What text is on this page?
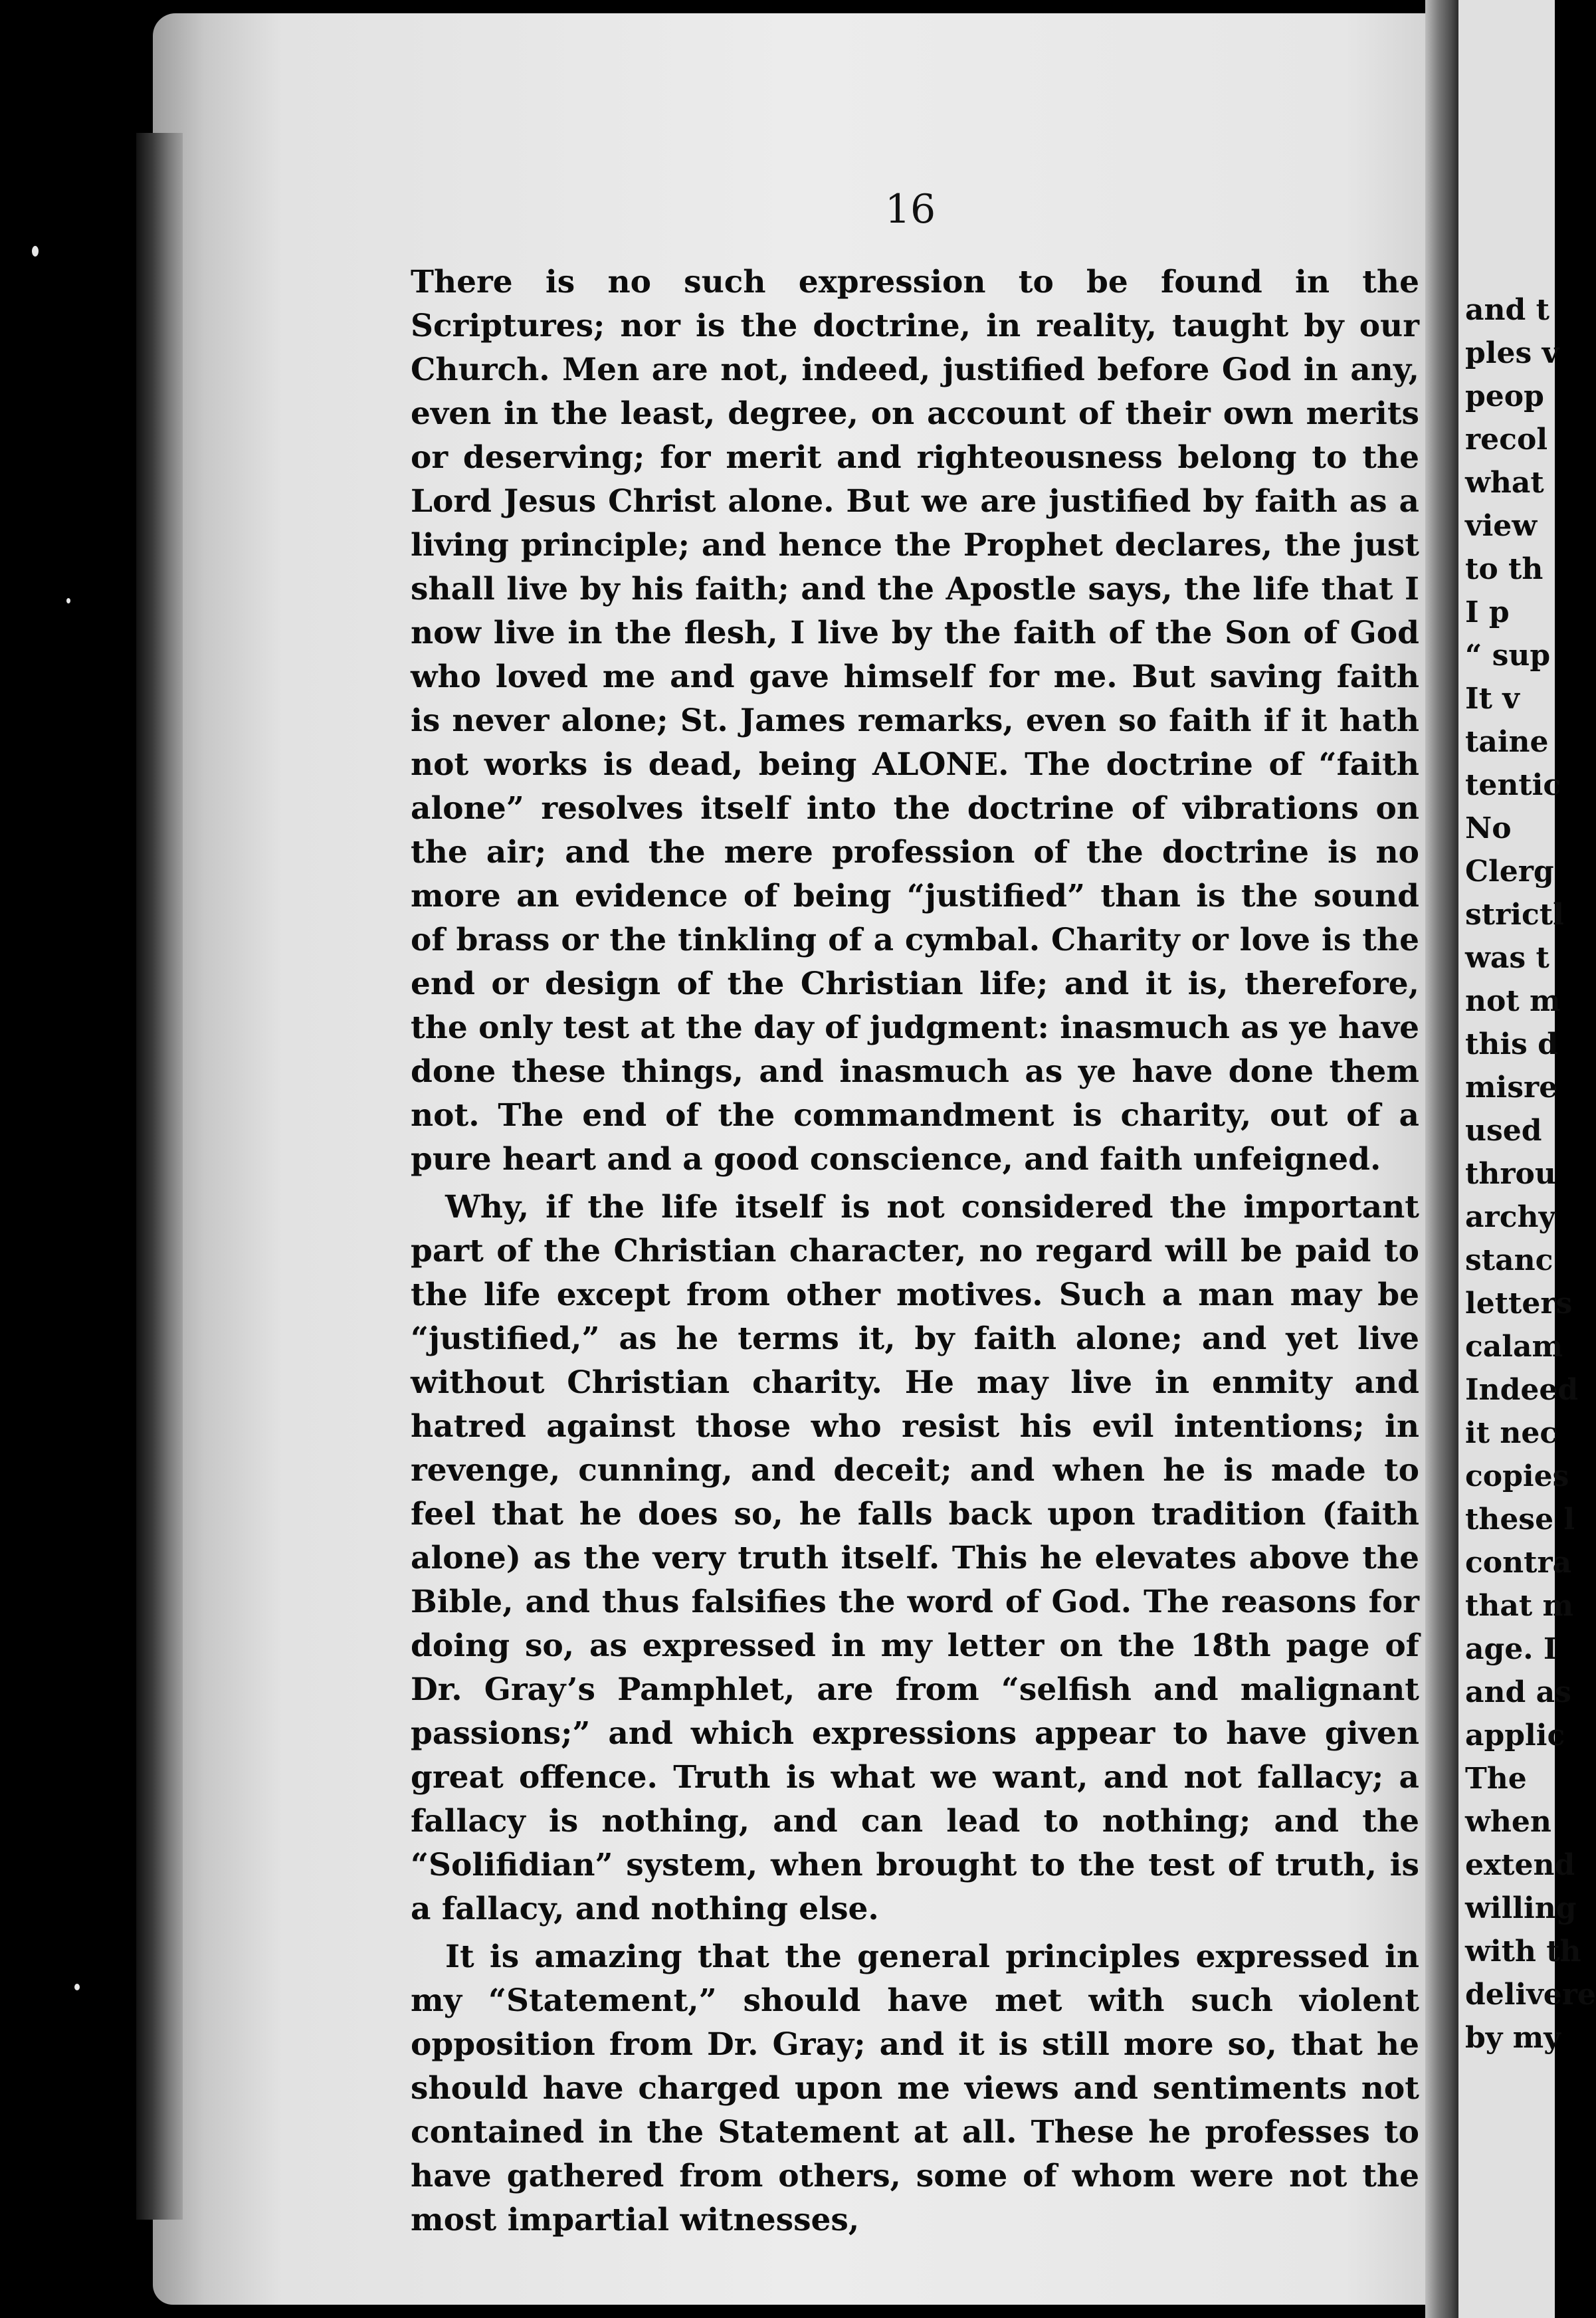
16

There is no such expression to be found in the Scriptures; nor is the doctrine, in reality, taught by our Church. Men are not, indeed, justified before God in any, even in the least, degree, on account of their own merits or deserving; for merit and righteousness belong to the Lord Jesus Christ alone. But we are justified by faith as a living principle; and hence the Prophet declares, the just shall live by his faith; and the Apostle says, the life that I now live in the flesh, I live by the faith of the Son of God who loved me and gave himself for me. But saving faith is never alone; St. James remarks, even so faith if it hath not works is dead, being ALONE. The doctrine of “faith alone” resolves itself into the doctrine of vibrations on the air; and the mere profession of the doctrine is no more an evidence of being “justified” than is the sound of brass or the tinkling of a cymbal. Charity or love is the end or design of the Christian life; and it is, therefore, the only test at the day of judgment: inasmuch as ye have done these things, and inasmuch as ye have done them not. The end of the commandment is charity, out of a pure heart and a good conscience, and faith unfeigned.

Why, if the life itself is not considered the important part of the Christian character, no regard will be paid to the life except from other motives. Such a man may be “justified,” as he terms it, by faith alone; and yet live without Christian charity. He may live in enmity and hatred against those who resist his evil intentions; in revenge, cunning, and deceit; and when he is made to feel that he does so, he falls back upon tradition (faith alone) as the very truth itself. This he elevates above the Bible, and thus falsifies the word of God. The reasons for doing so, as expressed in my letter on the 18th page of Dr. Gray’s Pamphlet, are from “selfish and malignant passions;” and which expressions appear to have given great offence. Truth is what we want, and not fallacy; a fallacy is nothing, and can lead to nothing; and the “Solifidian” system, when brought to the test of truth, is a fallacy, and nothing else.

It is amazing that the general principles expressed in my “Statement,” should have met with such violent opposition from Dr. Gray; and it is still more so, that he should have charged upon me views and sentiments not contained in the Statement at all. These he professes to have gathered from others, some of whom were not the most impartial witnesses,

and t
ples v
peop
recol
what
view
to th
I p
“ sup
It v
taine
tentic
No
Clerg
strictl
was t
not m
this d
misre
used
throu
archy
stanc
letters
calam
Indeed
it nec
copies
these l
contra
that m
age. I
and as
applic
The
when
extend
willing
with th
delivere
by my
